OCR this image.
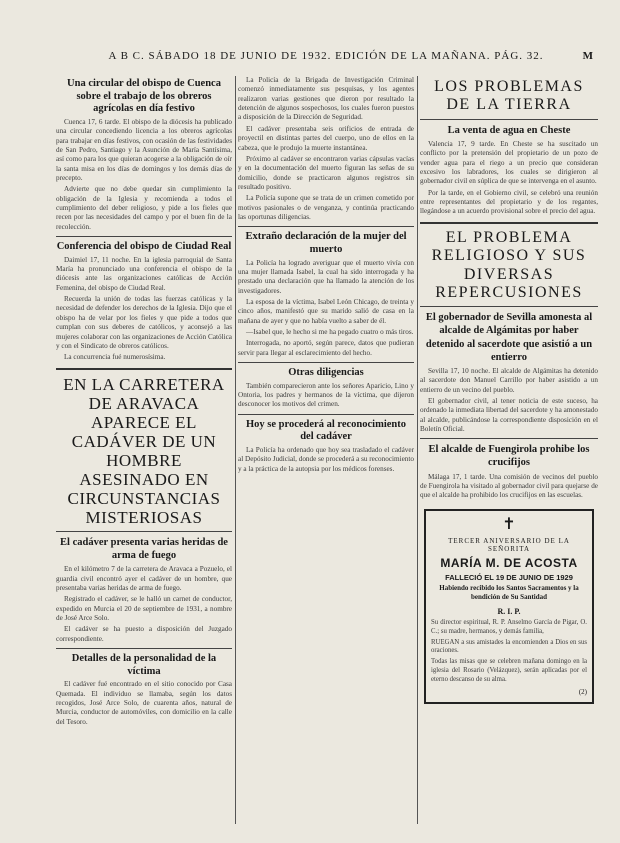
A B C. SÁBADO 18 DE JUNIO DE 1932. EDICIÓN DE LA MAÑANA. PÁG. 32.	M
Una circular del obispo de Cuenca sobre el trabajo de los obreros agrícolas en día festivo

Cuenca 17, 6 tarde. El obispo de la diócesis ha publicado una circular concediendo licencia a los obreros agrícolas para trabajar en días festivos, con ocasión de las festividades de San Pedro, Santiago y la Asunción de María Santísima, así como para los que quieran acogerse a la obligación de oír la santa misa en los días de domingos y los demás días de precepto.

Advierte que no debe quedar sin cumplimiento la obligación de la Iglesia y recomienda a todos el cumplimiento del deber religioso, y pide a los fieles que recen por las necesidades del campo y por el buen fin de la recolección.

Conferencia del obispo de Ciudad Real

Daimiel 17, 11 noche. En la iglesia parroquial de Santa María ha pronunciado una conferencia el obispo de la diócesis ante las organizaciones católicas de Acción Femenina, del obispo de Ciudad Real.

Recuerda la unión de todas las fuerzas católicas y la necesidad de defender los derechos de la Iglesia. Dijo que el obispo ha de velar por los fieles y que pide a todos que cumplan con sus deberes de católicos, y aconsejó a las mujeres colaborar con las organizaciones de Acción Católica y con el Sindicato de obreros católicos.

La concurrencia fué numerosísima.

EN LA CARRETERA DE ARAVACA APARECE EL CADÁVER DE UN HOMBRE ASESINADO EN CIRCUNSTANCIAS MISTERIOSAS
El cadáver presenta varias heridas de arma de fuego

En el kilómetro 7 de la carretera de Aravaca a Pozuelo, el guardia civil encontró ayer el cadáver de un hombre, que presentaba varias heridas de arma de fuego.

Registrado el cadáver, se le halló un carnet de conductor, expedido en Murcia el 20 de septiembre de 1931, a nombre de José Arce Solo.

El cadáver se ha puesto a disposición del Juzgado correspondiente.

Detalles de la personalidad de la víctima

El cadáver fué encontrado en el sitio conocido por Casa Quemada. El individuo se llamaba, según los datos recogidos, José Arce Solo, de cuarenta años, natural de Murcia, conductor de automóviles, con domicilio en la calle del Tesoro.

La Policía de la Brigada de Investigación Criminal comenzó inmediatamente sus pesquisas, y los agentes realizaron varias gestiones que dieron por resultado la detención de algunos sospechosos, los cuales fueron puestos a disposición de la Dirección de Seguridad.

El cadáver presentaba seis orificios de entrada de proyectil en distintas partes del cuerpo, uno de ellos en la cabeza, que le produjo la muerte instantánea.

Próximo al cadáver se encontraron varias cápsulas vacías y en la documentación del muerto figuran las señas de su domicilio, donde se practicaron algunos registros sin resultado positivo.

La Policía supone que se trata de un crimen cometido por motivos pasionales o de venganza, y continúa practicando las oportunas diligencias.

Extraño declaración de la mujer del muerto

La Policía ha logrado averiguar que el muerto vivía con una mujer llamada Isabel, la cual ha sido interrogada y ha prestado una declaración que ha llamado la atención de los investigadores.

La esposa de la víctima, Isabel León Chicago, de treinta y cinco años, manifestó que su marido salió de casa en la mañana de ayer y que no había vuelto a saber de él.

—Isabel que, le hecho si me ha pegado cuatro o más tiros.

Interrogada, no aportó, según parece, datos que pudieran servir para llegar al esclarecimiento del hecho.

Otras diligencias

También comparecieron ante los señores Aparicio, Lino y Ontoria, los padres y hermanos de la víctima, que dijeron desconocer los motivos del crimen.

Hoy se procederá al reconocimiento del cadáver

La Policía ha ordenado que hoy sea trasladado el cadáver al Depósito Judicial, donde se procederá a su reconocimiento y a la práctica de la autopsia por los médicos forenses.

LOS PROBLEMAS DE LA TIERRA
La venta de agua en Cheste

Valencia 17, 9 tarde. En Cheste se ha suscitado un conflicto por la pretensión del propietario de un pozo de vender agua para el riego a un precio que consideran excesivo los labradores, los cuales se dirigieron al gobernador civil en súplica de que se intervenga en el asunto.

Por la tarde, en el Gobierno civil, se celebró una reunión entre representantes del propietario y de los regantes, llegándose a un acuerdo provisional sobre el precio del agua.

EL PROBLEMA RELIGIOSO Y SUS DIVERSAS REPERCUSIONES
El gobernador de Sevilla amonesta al alcalde de Algámitas por haber detenido al sacerdote que asistió a un entierro

Sevilla 17, 10 noche. El alcalde de Algámitas ha detenido al sacerdote don Manuel Carrillo por haber asistido a un entierro de un vecino del pueblo.

El gobernador civil, al tener noticia de este suceso, ha ordenado la inmediata libertad del sacerdote y ha amonestado al alcalde, publicándose la correspondiente disposición en el Boletín Oficial.

El alcalde de Fuengirola prohibe los crucifijos

Málaga 17, 1 tarde. Una comisión de vecinos del pueblo de Fuengirola ha visitado al gobernador civil para quejarse de que el alcalde ha prohibido los crucifijos en las escuelas.

✝
TERCER ANIVERSARIO DE LA SEÑORITA
MARÍA M. DE ACOSTA
FALLECIÓ EL 19 DE JUNIO DE 1929
Habiendo recibido los Santos Sacramentos y la bendición de Su Santidad
R. I. P.

Su director espiritual, R. P. Anselmo García de Pigar, O. C.; su madre, hermanos, y demás familia,

RUEGAN a sus amistades la encomienden a Dios en sus oraciones.

Todas las misas que se celebren mañana domingo en la iglesia del Rosario (Velázquez), serán aplicadas por el eterno descanso de su alma.

(2)
